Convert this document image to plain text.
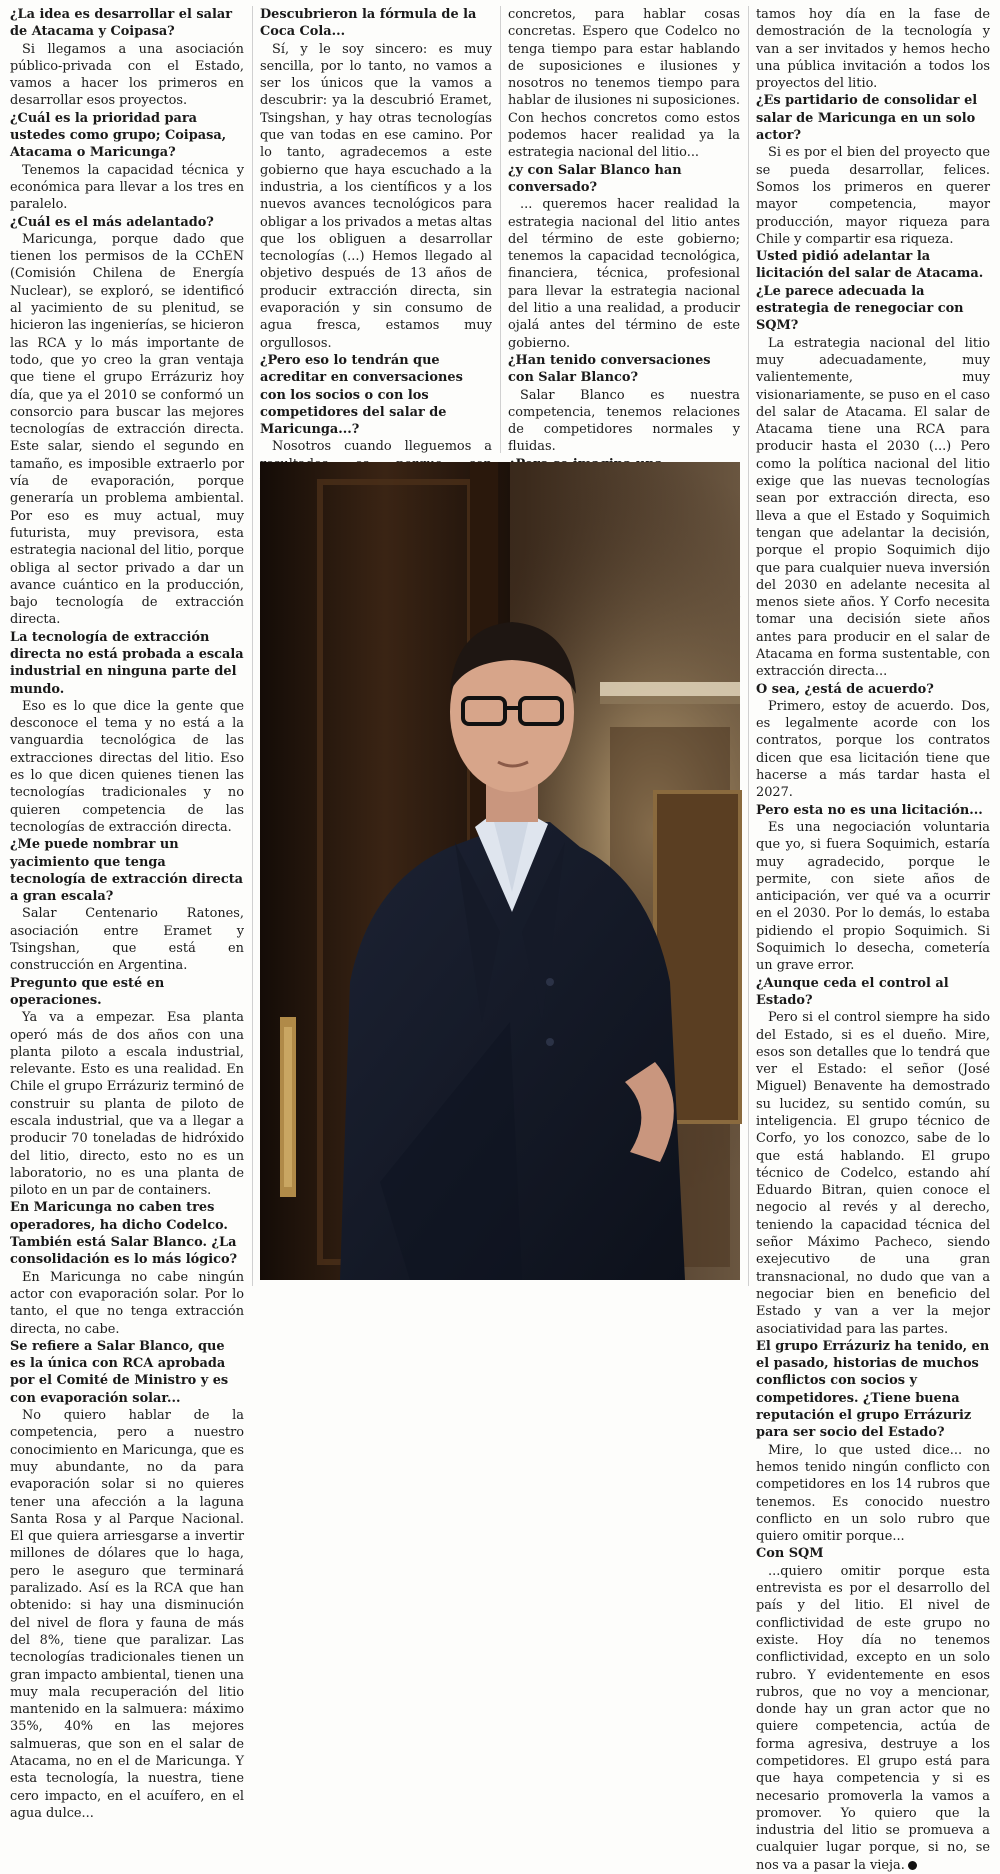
¿La idea es desarrollar el salar de Atacama y Coipasa?

Si llegamos a una asociación público-privada con el Estado, vamos a hacer los primeros en desarrollar esos proyectos.

¿Cuál es la prioridad para ustedes como grupo; Coipasa, Atacama o Maricunga?

Tenemos la capacidad técnica y económica para llevar a los tres en paralelo.

¿Cuál es el más adelantado?

Maricunga, porque dado que tienen los permisos de la CChEN (Comisión Chilena de Energía Nuclear), se exploró, se identificó al yacimiento de su plenitud, se hicieron las ingenierías, se hicieron las RCA y lo más importante de todo, que yo creo la gran ventaja que tiene el grupo Errázuriz hoy día, que ya el 2010 se conformó un consorcio para buscar las mejores tecnologías de extracción directa. Este salar, siendo el segundo en tamaño, es imposible extraerlo por vía de evaporación, porque generaría un problema ambiental. Por eso es muy actual, muy futurista, muy previsora, esta estrategia nacional del litio, porque obliga al sector privado a dar un avance cuántico en la producción, bajo tecnología de extracción directa.

La tecnología de extracción directa no está probada a escala industrial en ninguna parte del mundo.

Eso es lo que dice la gente que desconoce el tema y no está a la vanguardia tecnológica de las extracciones directas del litio. Eso es lo que dicen quienes tienen las tecnologías tradicionales y no quieren competencia de las tecnologías de extracción directa.

¿Me puede nombrar un yacimiento que tenga tecnología de extracción directa a gran escala?

Salar Centenario Ratones, asociación entre Eramet y Tsingshan, que está en construcción en Argentina.

Pregunto que esté en operaciones.

Ya va a empezar. Esa planta operó más de dos años con una planta piloto a escala industrial, relevante. Esto es una realidad. En Chile el grupo Errázuriz terminó de construir su planta de piloto de escala industrial, que va a llegar a producir 70 toneladas de hidróxido del litio, directo, esto no es un laboratorio, no es una planta de piloto en un par de containers.

En Maricunga no caben tres operadores, ha dicho Codelco. También está Salar Blanco. ¿La consolidación es lo más lógico?

En Maricunga no cabe ningún actor con evaporación solar. Por lo tanto, el que no tenga extracción directa, no cabe.

Se refiere a Salar Blanco, que es la única con RCA aprobada por el Comité de Ministro y es con evaporación solar...

No quiero hablar de la competencia, pero a nuestro conocimiento en Maricunga, que es muy abundante, no da para evaporación solar si no quieres tener una afección a la laguna Santa Rosa y al Parque Nacional. El que quiera arriesgarse a invertir millones de dólares que lo haga, pero le aseguro que terminará paralizado. Así es la RCA que han obtenido: si hay una disminución del nivel de flora y fauna de más del 8%, tiene que paralizar. Las tecnologías tradicionales tienen un gran impacto ambiental, tienen una muy mala recuperación del litio mantenido en la salmuera: máximo 35%, 40% en las mejores salmueras, que son en el salar de Atacama, no en el de Maricunga. Y esta tecnología, la nuestra, tiene cero impacto, en el acuífero, en el agua dulce...

Descubrieron la fórmula de la Coca Cola...

Sí, y le soy sincero: es muy sencilla, por lo tanto, no vamos a ser los únicos que la vamos a descubrir: ya la descubrió Eramet, Tsingshan, y hay otras tecnologías que van todas en ese camino. Por lo tanto, agradecemos a este gobierno que haya escuchado a la industria, a los científicos y a los nuevos avances tecnológicos para obligar a los privados a metas altas que los obliguen a desarrollar tecnologías (...) Hemos llegado al objetivo después de 13 años de producir extracción directa, sin evaporación y sin consumo de agua fresca, estamos muy orgullosos.

¿Pero eso lo tendrán que acreditar en conversaciones con los socios o con los competidores del salar de Maricunga...?

Nosotros cuando lleguemos a

concretos, para hablar cosas concretas. Espero que Codelco no tenga tiempo para estar hablando de suposiciones e ilusiones y nosotros no tenemos tiempo para hablar de ilusiones ni suposiciones. Con hechos concretos como estos podemos hacer realidad ya la estrategia nacional del litio...

¿y con Salar Blanco han conversado?

... queremos hacer realidad la estrategia nacional del litio antes del término de este gobierno; tenemos la capacidad tecnológica, financiera, técnica, profesional para llevar la estrategia nacional del litio a una realidad, a producir ojalá antes del término de este gobierno.

¿Han tenido conversaciones con Salar Blanco?

Salar Blanco es nuestra competencia, tenemos relaciones de competidores normales y fluidas.

tamos hoy día en la fase de demostración de la tecnología y van a ser invitados y hemos hecho una pública invitación a todos los proyectos del litio.

¿Es partidario de consolidar el salar de Maricunga en un solo actor?

Si es por el bien del proyecto que se pueda desarrollar, felices. Somos los primeros en querer mayor competencia, mayor producción, mayor riqueza para Chile y compartir esa riqueza.

Usted pidió adelantar la licitación del salar de Atacama. ¿Le parece adecuada la estrategia de renegociar con SQM?

La estrategia nacional del litio muy adecuadamente, muy valientemente, muy visionariamente, se puso en el caso del salar de Atacama. El salar de Atacama tiene una RCA para producir hasta el 2030 (...) Pero como la política nacional del litio exige que las nuevas tecnologías sean por extracción directa, eso lleva a que el Estado y Soquimich tengan que adelantar la decisión, porque el propio Soquimich dijo que para cualquier nueva inversión del 2030 en adelante necesita al menos siete años. Y Corfo necesita tomar una decisión siete años antes para producir en el salar de Atacama en forma sustentable, con extracción directa...

O sea, ¿está de acuerdo?

Primero, estoy de acuerdo. Dos, es legalmente acorde con los contratos, porque los contratos dicen que esa licitación tiene que hacerse a más tardar hasta el 2027.

Pero esta no es una licitación...

Es una negociación voluntaria que yo, si fuera Soquimich, estaría muy agradecido, porque le permite, con siete años de anticipación, ver qué va a ocurrir en el 2030. Por lo demás, lo estaba pidiendo el propio Soquimich. Si Soquimich lo desecha, cometería un grave error.

¿Aunque ceda el control al Estado?

Pero si el control siempre ha sido del Estado, si es el dueño. Mire, esos son detalles que lo tendrá que ver el Estado: el señor (José Miguel) Benavente ha demostrado su lucidez, su sentido común, su inteligencia. El grupo técnico de Corfo, yo los conozco, sabe de lo que está hablando. El grupo técnico de Codelco, estando ahí Eduardo Bitran, quien conoce el negocio al revés y al derecho, teniendo la capacidad técnica del señor Máximo Pacheco, siendo exejecutivo de una gran transnacional, no dudo que van a negociar bien en beneficio del Estado y van a ver la mejor asociatividad para las partes.

El grupo Errázuriz ha tenido, en el pasado, historias de muchos conflictos con socios y competidores. ¿Tiene buena reputación el grupo Errázuriz para ser socio del Estado?

Mire, lo que usted dice... no hemos tenido ningún conflicto con competidores en los 14 rubros que tenemos. Es conocido nuestro conflicto en un solo rubro que quiero omitir porque...

Con SQM

...quiero omitir porque esta entrevista es por el desarrollo del país y del litio. El nivel de conflictividad de este grupo no existe. Hoy día no tenemos conflictividad, excepto en un solo rubro. Y evidentemente en esos rubros, que no voy a mencionar, donde hay un gran actor que no quiere competencia, actúa de forma agresiva, destruye a los competidores. El grupo está para que haya competencia y si es necesario promoverla la vamos a promover. Yo quiero que la industria del litio se promueva a cualquier lugar porque, si no, se nos va a pasar la vieja.
